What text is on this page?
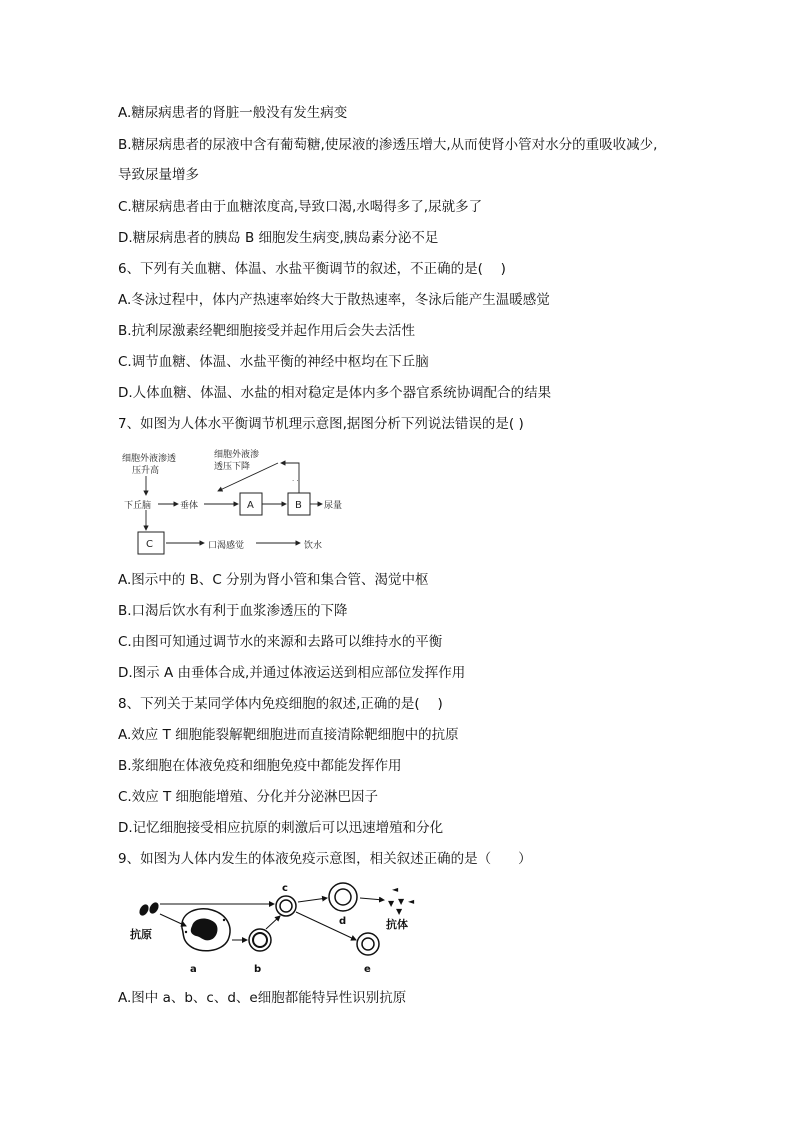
A.糖尿病患者的肾脏一般没有发生病变
B.糖尿病患者的尿液中含有葡萄糖,使尿液的渗透压增大,从而使肾小管对水分的重吸收减少,
导致尿量增多
C.糖尿病患者由于血糖浓度高,导致口渴,水喝得多了,尿就多了
D.糖尿病患者的胰岛 B 细胞发生病变,胰岛素分泌不足
6、下列有关血糖、体温、水盐平衡调节的叙述，不正确的是(　 )
A.冬泳过程中，体内产热速率始终大于散热速率，冬泳后能产生温暖感觉
B.抗利尿激素经靶细胞接受并起作用后会失去活性
C.调节血糖、体温、水盐平衡的神经中枢均在下丘脑
D.人体血糖、体温、水盐的相对稳定是体内多个器官系统协调配合的结果
7、如图为人体水平衡调节机理示意图,据图分析下列说法错误的是( )
细胞外液渗透
压升高
细胞外液渗
透压下降
下丘脑	垂体	尿量
口渴感觉	饮水
A	B
C
· ·
A.图示中的 B、C 分别为肾小管和集合管、渴觉中枢
B.口渴后饮水有利于血浆渗透压的下降
C.由图可知通过调节水的来源和去路可以维持水的平衡
D.图示 A 由垂体合成,并通过体液运送到相应部位发挥作用
8、下列关于某同学体内免疫细胞的叙述,正确的是(　 )
A.效应 T 细胞能裂解靶细胞进而直接清除靶细胞中的抗原
B.浆细胞在体液免疫和细胞免疫中都能发挥作用
C.效应 T 细胞能增殖、分化并分泌淋巴因子
D.记忆细胞接受相应抗原的刺激后可以迅速增殖和分化
9、如图为人体内发生的体液免疫示意图，相关叙述正确的是（　　）
抗原
a	b
c
d
e
◄
▼ ▼ ◄
▼
抗体
A.图中 a、b、c、d、e细胞都能特异性识别抗原
